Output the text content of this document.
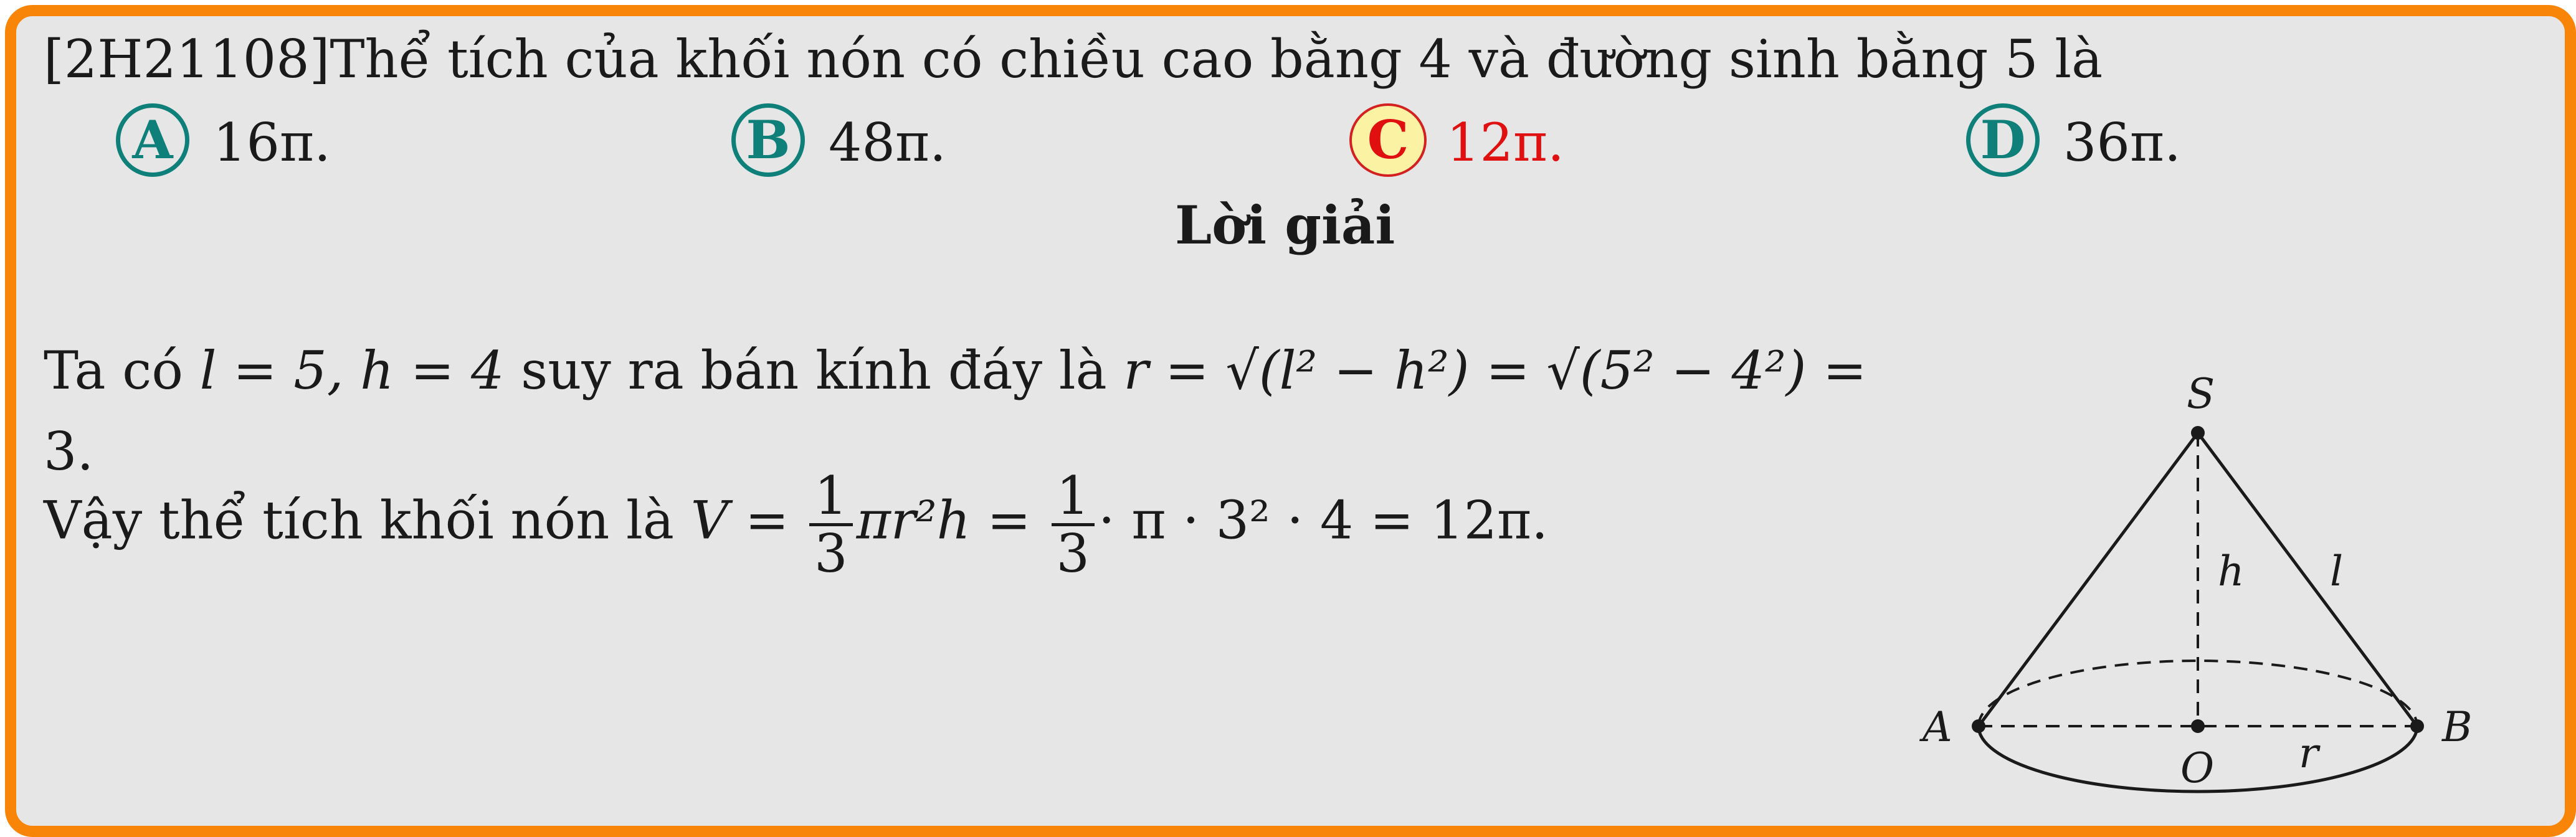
[2H21108]Thể tích của khối nón có chiều cao bằng 4 và đường sinh bằng 5 là
A 16π.	B 48π.	C 12π.	D 36π.
Lời giải
Ta có l = 5, h = 4 suy ra bán kính đáy là r = √(l² − h²) = √(5² − 4²) =
3.
Vậy thể tích khối nón là $V = \frac{1}{3} \pi r^2h = \frac{1}{3} \cdot \pi \cdot 3^2 \cdot 4 = 12\pi$.
S
A	B
O
h l
r
